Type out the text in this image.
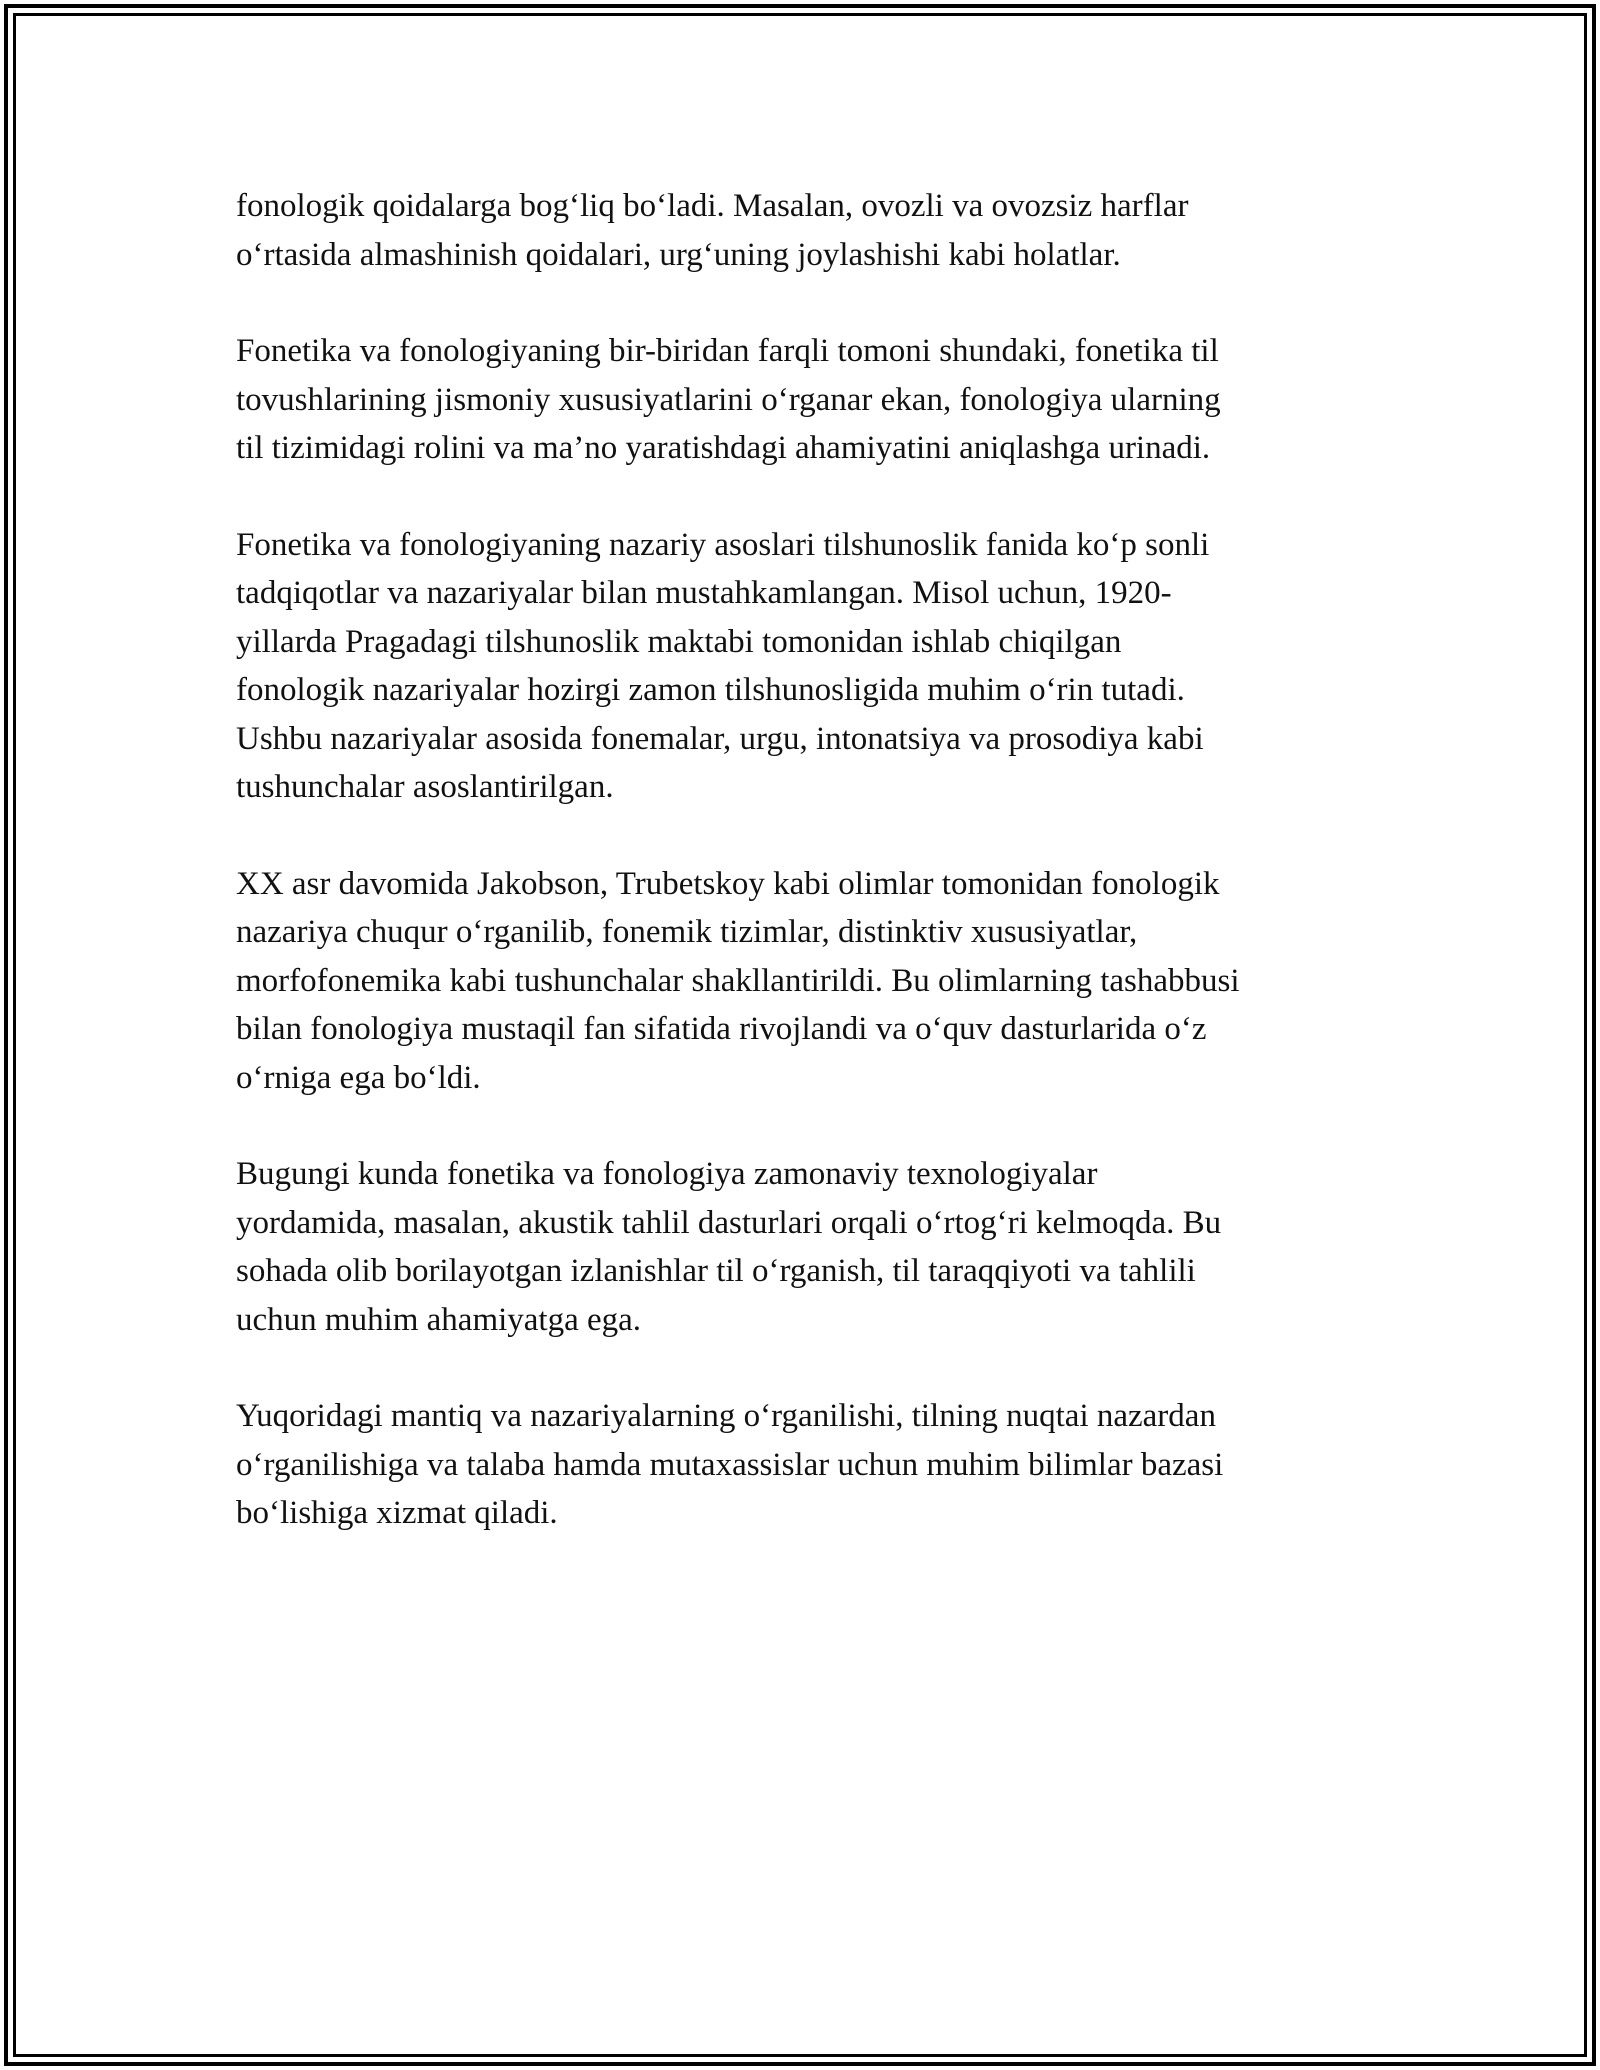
fonologik qoidalarga bog‘liq bo‘ladi. Masalan, ovozli va ovozsiz harflar
o‘rtasida almashinish qoidalari, urg‘uning joylashishi kabi holatlar.

Fonetika va fonologiyaning bir-biridan farqli tomoni shundaki, fonetika til
tovushlarining jismoniy xususiyatlarini o‘rganar ekan, fonologiya ularning
til tizimidagi rolini va ma’no yaratishdagi ahamiyatini aniqlashga urinadi.

Fonetika va fonologiyaning nazariy asoslari tilshunoslik fanida ko‘p sonli
tadqiqotlar va nazariyalar bilan mustahkamlangan. Misol uchun, 1920-
yillarda Pragadagi tilshunoslik maktabi tomonidan ishlab chiqilgan
fonologik nazariyalar hozirgi zamon tilshunosligida muhim o‘rin tutadi.
Ushbu nazariyalar asosida fonemalar, urgu, intonatsiya va prosodiya kabi
tushunchalar asoslantirilgan.

XX asr davomida Jakobson, Trubetskoy kabi olimlar tomonidan fonologik
nazariya chuqur o‘rganilib, fonemik tizimlar, distinktiv xususiyatlar,
morfofonemika kabi tushunchalar shakllantirildi. Bu olimlarning tashabbusi
bilan fonologiya mustaqil fan sifatida rivojlandi va o‘quv dasturlarida o‘z
o‘rniga ega bo‘ldi.

Bugungi kunda fonetika va fonologiya zamonaviy texnologiyalar
yordamida, masalan, akustik tahlil dasturlari orqali o‘rtog‘ri kelmoqda. Bu
sohada olib borilayotgan izlanishlar til o‘rganish, til taraqqiyoti va tahlili
uchun muhim ahamiyatga ega.

Yuqoridagi mantiq va nazariyalarning o‘rganilishi, tilning nuqtai nazardan
o‘rganilishiga va talaba hamda mutaxassislar uchun muhim bilimlar bazasi
bo‘lishiga xizmat qiladi.
